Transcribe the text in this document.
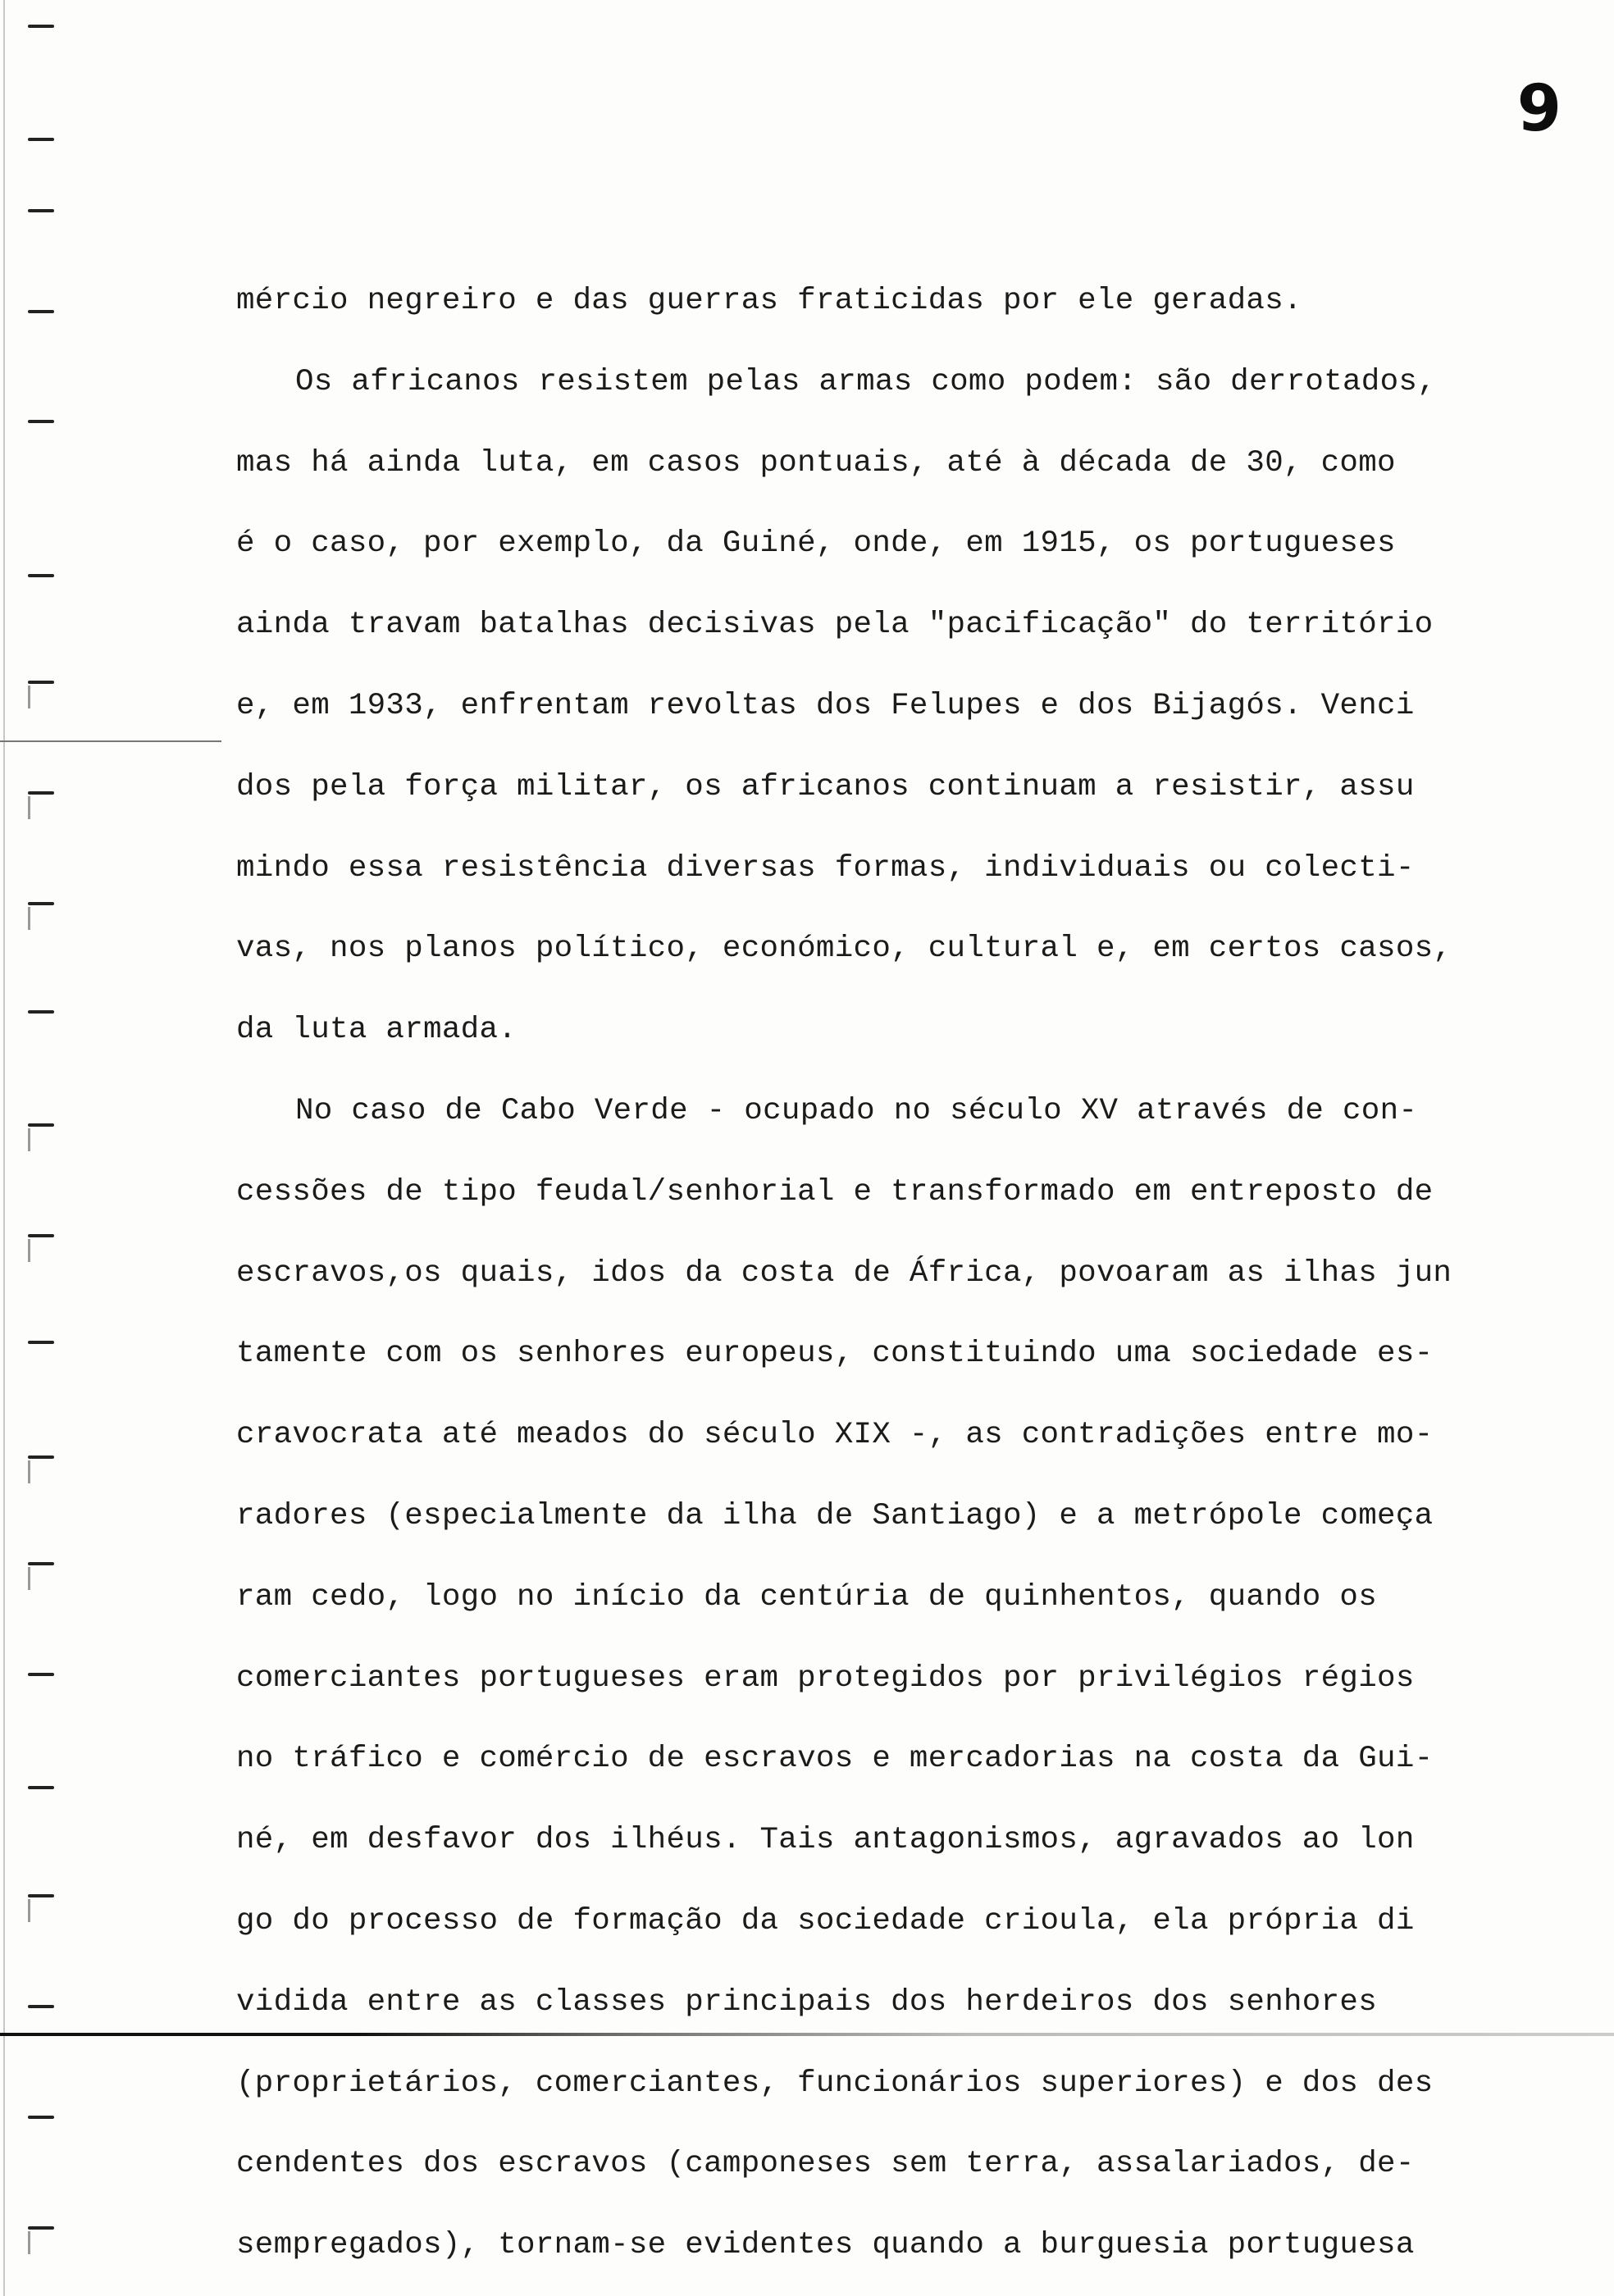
9
mércio negreiro e das guerras fraticidas por ele geradas.
Os africanos resistem pelas armas como podem: são derrotados,
mas há ainda luta, em casos pontuais, até à década de 30, como
é o caso, por exemplo, da Guiné, onde, em 1915, os portugueses
ainda travam batalhas decisivas pela "pacificação" do território
e, em 1933, enfrentam revoltas dos Felupes e dos Bijagós. Venci
dos pela força militar, os africanos continuam a resistir, assu
mindo essa resistência diversas formas, individuais ou colecti-
vas, nos planos político, económico, cultural e, em certos casos,
da luta armada.
No caso de Cabo Verde - ocupado no século XV através de con-
cessões de tipo feudal/senhorial e transformado em entreposto de
escravos,os quais, idos da costa de África, povoaram as ilhas jun
tamente com os senhores europeus, constituindo uma sociedade es-
cravocrata até meados do século XIX -, as contradições entre mo-
radores (especialmente da ilha de Santiago) e a metrópole começa
ram cedo, logo no início da centúria de quinhentos, quando os
comerciantes portugueses eram protegidos por privilégios régios
no tráfico e comércio de escravos e mercadorias na costa da Gui-
né, em desfavor dos ilhéus. Tais antagonismos, agravados ao lon
go do processo de formação da sociedade crioula, ela própria di
vidida entre as classes principais dos herdeiros dos senhores
(proprietários, comerciantes, funcionários superiores) e dos des
cendentes dos escravos (camponeses sem terra, assalariados, de-
sempregados), tornam-se evidentes quando a burguesia portuguesa
